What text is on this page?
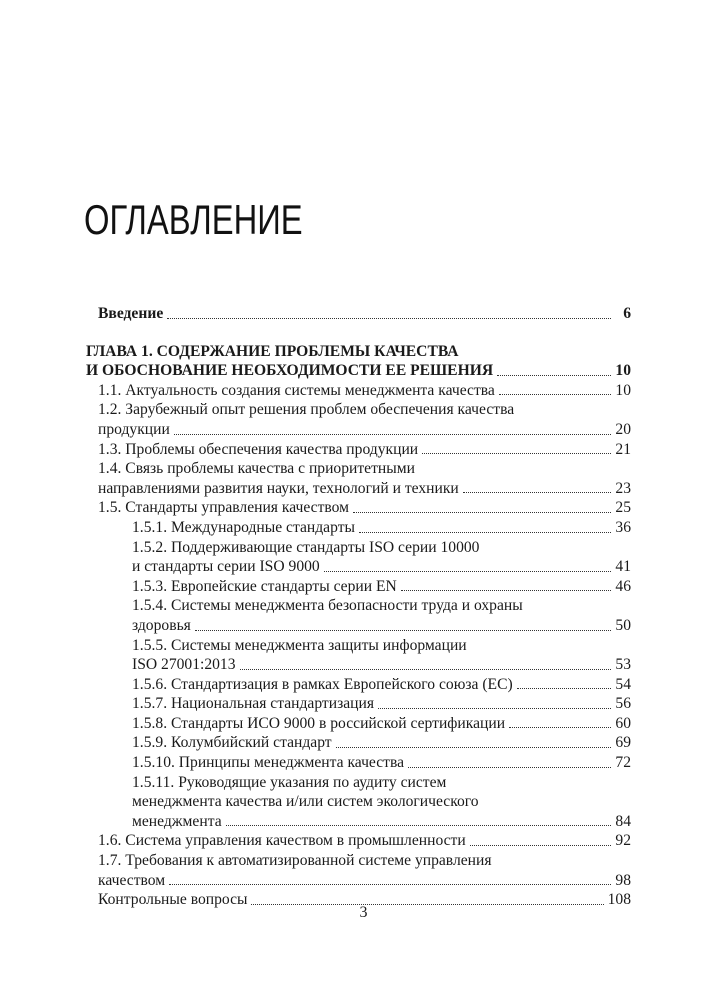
ОГЛАВЛЕНИЕ
Введение	6
ГЛАВА 1. СОДЕРЖАНИЕ ПРОБЛЕМЫ КАЧЕСТВА
И ОБОСНОВАНИЕ НЕОБХОДИМОСТИ ЕЕ РЕШЕНИЯ	10
1.1. Актуальность создания системы менеджмента качества	10
1.2. Зарубежный опыт решения проблем обеспечения качества
продукции	20
1.3. Проблемы обеспечения качества продукции	21
1.4. Связь проблемы качества с приоритетными
направлениями развития науки, технологий и техники	23
1.5. Стандарты управления качеством	25
1.5.1. Международные стандарты	36
1.5.2. Поддерживающие стандарты ISO серии 10000
и стандарты серии ISO 9000	41
1.5.3. Европейские стандарты серии EN	46
1.5.4. Системы менеджмента безопасности труда и охраны
здоровья	50
1.5.5. Системы менеджмента защиты информации
ISO 27001:2013	53
1.5.6. Стандартизация в рамках Европейского союза (ЕС)	54
1.5.7. Национальная стандартизация	56
1.5.8. Стандарты ИСО 9000 в российской сертификации	60
1.5.9. Колумбийский стандарт	69
1.5.10. Принципы менеджмента качества	72
1.5.11. Руководящие указания по аудиту систем
менеджмента качества и/или систем экологического
менеджмента	84
1.6. Система управления качеством в промышленности	92
1.7. Требования к автоматизированной системе управления
качеством	98
Контрольные вопросы	108
3
